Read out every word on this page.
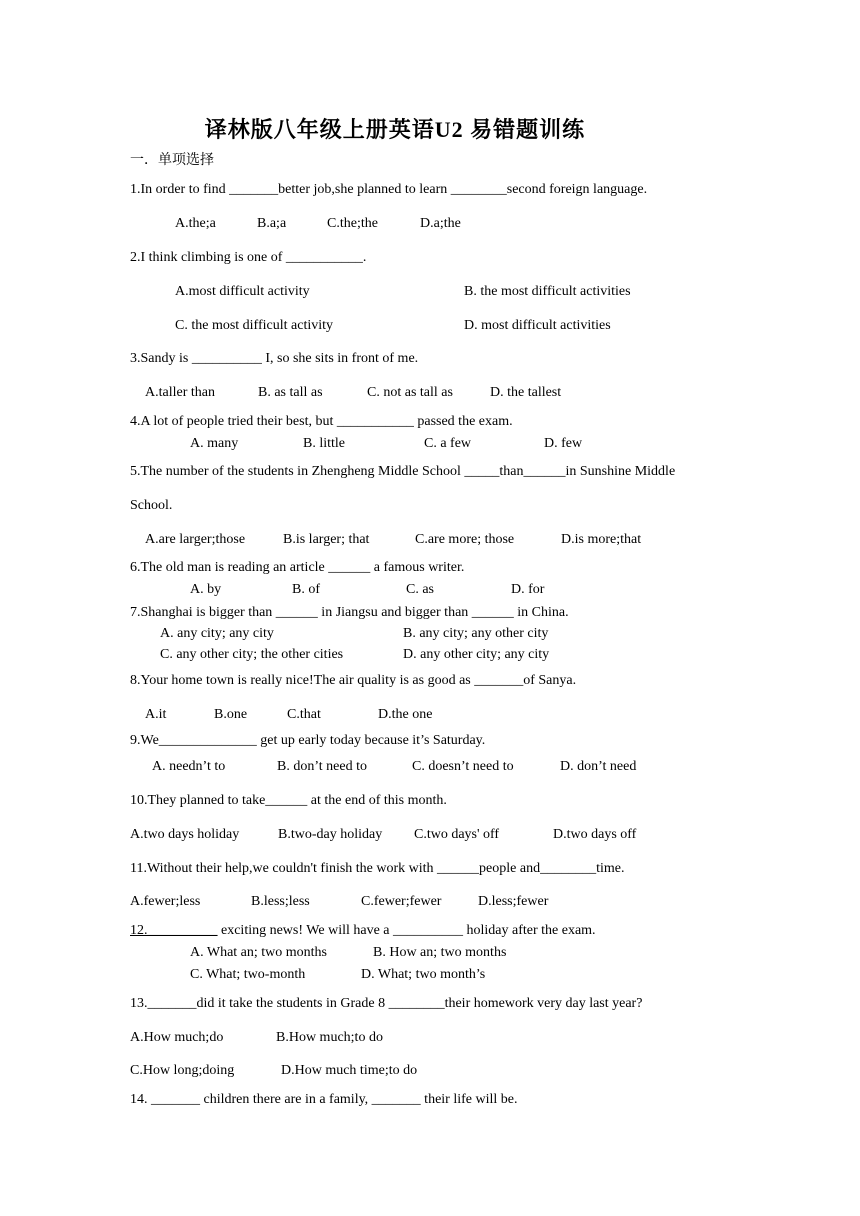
译林版八年级上册英语U2 易错题训练
一．单项选择
1.In order to find _______better job,she planned to learn ________second foreign language.
A.the;a	B.a;a	C.the;the	D.a;the
2.I think climbing is one of ___________.
A.most difficult activity	B. the most difficult activities
C. the most difficult activity	D. most difficult activities
3.Sandy is __________ I, so she sits in front of me.
A.taller than	B. as tall as	C. not as tall as	D. the tallest
4.A lot of people tried their best, but ___________ passed the exam.
A. many	B. little	C. a few	D. few
5.The number of the students in Zhengheng Middle School _____than______in Sunshine Middle
School.
A.are larger;those	B.is larger; that	C.are more; those	D.is more;that
6.The old man is reading an article ______ a famous writer.
A. by	B. of	C. as	D. for
7.Shanghai is bigger than ______ in Jiangsu and bigger than ______ in China.
A. any city; any city	B. any city; any other city
C. any other city; the other cities	D. any other city; any city
8.Your home town is really nice!The air quality is as good as _______of Sanya.
A.it	B.one	C.that	D.the one
9.We______________ get up early today because it’s Saturday.
A. needn’t to	B. don’t need to	C. doesn’t need to	D. don’t need
10.They planned to take______ at the end of this month.
A.two days holiday	B.two-day holiday C.two days' off	D.two days off
11.Without their help,we couldn't finish the work with ______people and________time.
A.fewer;less	B.less;less	C.fewer;fewer	D.less;fewer
12.__________ exciting news! We will have a __________ holiday after the exam.
A. What an; two months	B. How an; two months
C. What; two-month	D. What; two month’s
13._______did it take the students in Grade 8 ________their homework very day last year?
A.How much;do	B.How much;to do
C.How long;doing	D.How much time;to do
14. _______ children there are in a family, _______ their life will be.
